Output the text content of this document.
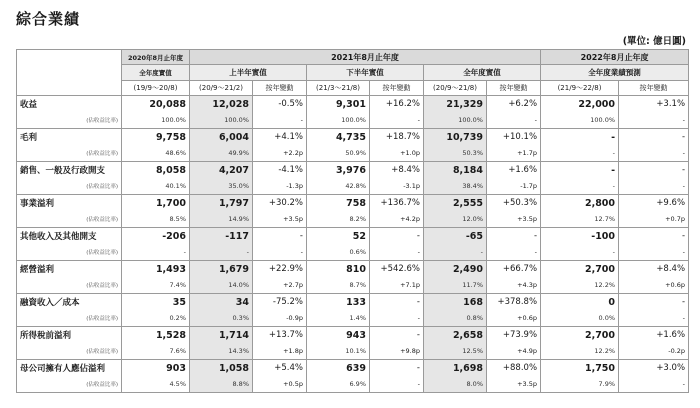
綜合業績
(單位: 億日圓)
	2020年8月止年度	2021年8月止年度						2022年8月止年度	
	全年度實值	上半年實值		下半年實值		全年度實值		全年度業績預測	
	(19/9～20/8)	(20/9～21/2)	按年變動	(21/3～21/8)	按年變動	(20/9～21/8)	按年變動	(21/9～22/8)	按年變動
收益	20,088	12,028	-0.5%	9,301	+16.2%	21,329	+6.2%	22,000	+3.1%
(佔收益比率)	100.0%	100.0%	-	100.0%	-	100.0%	-	100.0%	-
毛利	9,758	6,004	+4.1%	4,735	+18.7%	10,739	+10.1%	-	-
(佔收益比率)	48.6%	49.9%	+2.2p	50.9%	+1.0p	50.3%	+1.7p	-	-
銷售、一般及行政開支	8,058	4,207	-4.1%	3,976	+8.4%	8,184	+1.6%	-	-
(佔收益比率)	40.1%	35.0%	-1.3p	42.8%	-3.1p	38.4%	-1.7p	-	-
事業溢利	1,700	1,797	+30.2%	758	+136.7%	2,555	+50.3%	2,800	+9.6%
(佔收益比率)	8.5%	14.9%	+3.5p	8.2%	+4.2p	12.0%	+3.5p	12.7%	+0.7p
其他收入及其他開支	-206	-117	-	52	-	-65	-	-100	-
(佔收益比率)	-	-	-	0.6%	-	-	-	-	-
經營溢利	1,493	1,679	+22.9%	810	+542.6%	2,490	+66.7%	2,700	+8.4%
(佔收益比率)	7.4%	14.0%	+2.7p	8.7%	+7.1p	11.7%	+4.3p	12.2%	+0.6p
融資收入／成本	35	34	-75.2%	133	-	168	+378.8%	0	-
(佔收益比率)	0.2%	0.3%	-0.9p	1.4%	-	0.8%	+0.6p	0.0%	-
所得稅前溢利	1,528	1,714	+13.7%	943	-	2,658	+73.9%	2,700	+1.6%
(佔收益比率)	7.6%	14.3%	+1.8p	10.1%	+9.8p	12.5%	+4.9p	12.2%	-0.2p
母公司擁有人應佔溢利	903	1,058	+5.4%	639	-	1,698	+88.0%	1,750	+3.0%
(佔收益比率)	4.5%	8.8%	+0.5p	6.9%	-	8.0%	+3.5p	7.9%	-
